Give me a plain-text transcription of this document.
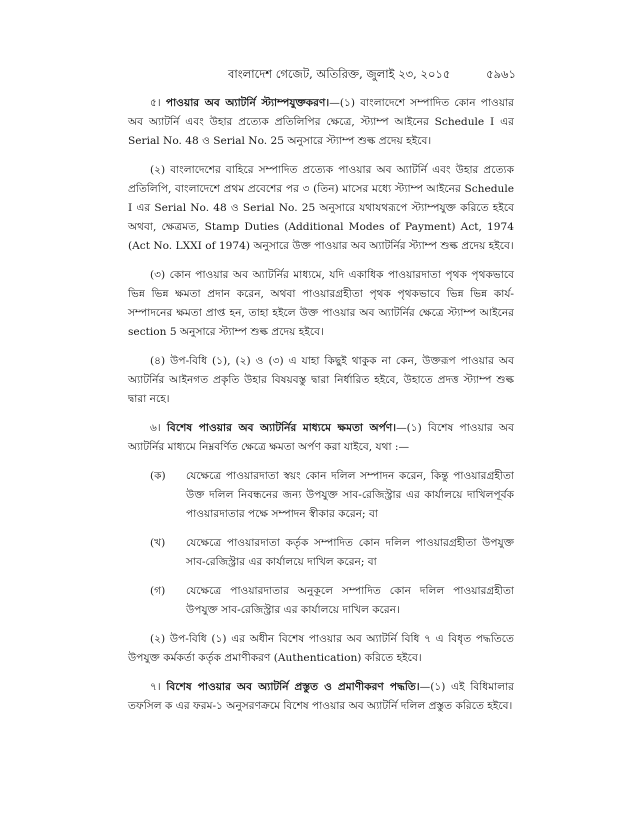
বাংলাদেশ গেজেট, অতিরিক্ত, জুলাই ২৩, ২০১৫	৫৯৬১

৫। পাওয়ার অব অ্যাটর্নি স্ট্যাম্পযুক্তকরণ।—(১) বাংলাদেশে সম্পাদিত কোন পাওয়ার অব অ্যাটর্নি এবং উহার প্রত্যেক প্রতিলিপির ক্ষেত্রে, স্ট্যাম্প আইনের Schedule I এর Serial No. 48 ও Serial No. 25 অনুসারে স্ট্যাম্প শুল্ক প্রদেয় হইবে।

(২) বাংলাদেশের বাহিরে সম্পাদিত প্রত্যেক পাওয়ার অব অ্যাটর্নি এবং উহার প্রত্যেক প্রতিলিপি, বাংলাদেশে প্রথম প্রবেশের পর ৩ (তিন) মাসের মধ্যে স্ট্যাম্প আইনের Schedule I এর Serial No. 48 ও Serial No. 25 অনুসারে যথাযথরূপে স্ট্যাম্পযুক্ত করিতে হইবে অথবা, ক্ষেত্রমত, Stamp Duties (Additional Modes of Payment) Act, 1974 (Act No. LXXI of 1974) অনুসারে উক্ত পাওয়ার অব অ্যাটর্নির স্ট্যাম্প শুল্ক প্রদেয় হইবে।

(৩) কোন পাওয়ার অব অ্যাটর্নির মাধ্যমে, যদি একাধিক পাওয়ারদাতা পৃথক পৃথকভাবে ভিন্ন ভিন্ন ক্ষমতা প্রদান করেন, অথবা পাওয়ারগ্রহীতা পৃথক পৃথকভাবে ভিন্ন ভিন্ন কার্য-সম্পাদনের ক্ষমতা প্রাপ্ত হন, তাহা হইলে উক্ত পাওয়ার অব অ্যাটর্নির ক্ষেত্রে স্ট্যাম্প আইনের section 5 অনুসারে স্ট্যাম্প শুল্ক প্রদেয় হইবে।

(৪) উপ-বিধি (১), (২) ও (৩) এ যাহা কিছুই থাকুক না কেন, উক্তরূপ পাওয়ার অব অ্যাটর্নির আইনগত প্রকৃতি উহার বিষয়বস্তু দ্বারা নির্ধারিত হইবে, উহাতে প্রদত্ত স্ট্যাম্প শুল্ক দ্বারা নহে।

৬। বিশেষ পাওয়ার অব অ্যাটর্নির মাধ্যমে ক্ষমতা অর্পণ।—(১) বিশেষ পাওয়ার অব অ্যাটর্নির মাধ্যমে নিম্নবর্ণিত ক্ষেত্রে ক্ষমতা অর্পণ করা যাইবে, যথা :—

(ক)	যেক্ষেত্রে পাওয়ারদাতা স্বয়ং কোন দলিল সম্পাদন করেন, কিন্তু পাওয়ারগ্রহীতা উক্ত দলিল নিবন্ধনের জন্য উপযুক্ত সাব-রেজিস্ট্রার এর কার্যালয়ে দাখিলপূর্বক পাওয়ারদাতার পক্ষে সম্পাদন স্বীকার করেন; বা
(খ)	যেক্ষেত্রে পাওয়ারদাতা কর্তৃক সম্পাদিত কোন দলিল পাওয়ারগ্রহীতা উপযুক্ত সাব-রেজিস্ট্রার এর কার্যালয়ে দাখিল করেন; বা
(গ)	যেক্ষেত্রে পাওয়ারদাতার অনুকূলে সম্পাদিত কোন দলিল পাওয়ারগ্রহীতা উপযুক্ত সাব-রেজিস্ট্রার এর কার্যালয়ে দাখিল করেন।

(২) উপ-বিধি (১) এর অধীন বিশেষ পাওয়ার অব অ্যাটর্নি বিধি ৭ এ বিধৃত পদ্ধতিতে উপযুক্ত কর্মকর্তা কর্তৃক প্রমাণীকরণ (Authentication) করিতে হইবে।

৭। বিশেষ পাওয়ার অব অ্যাটর্নি প্রস্তুত ও প্রমাণীকরণ পদ্ধতি।—(১) এই বিধিমালার তফসিল ক এর ফরম-১ অনুসরণক্রমে বিশেষ পাওয়ার অব অ্যাটর্নি দলিল প্রস্তুত করিতে হইবে।
